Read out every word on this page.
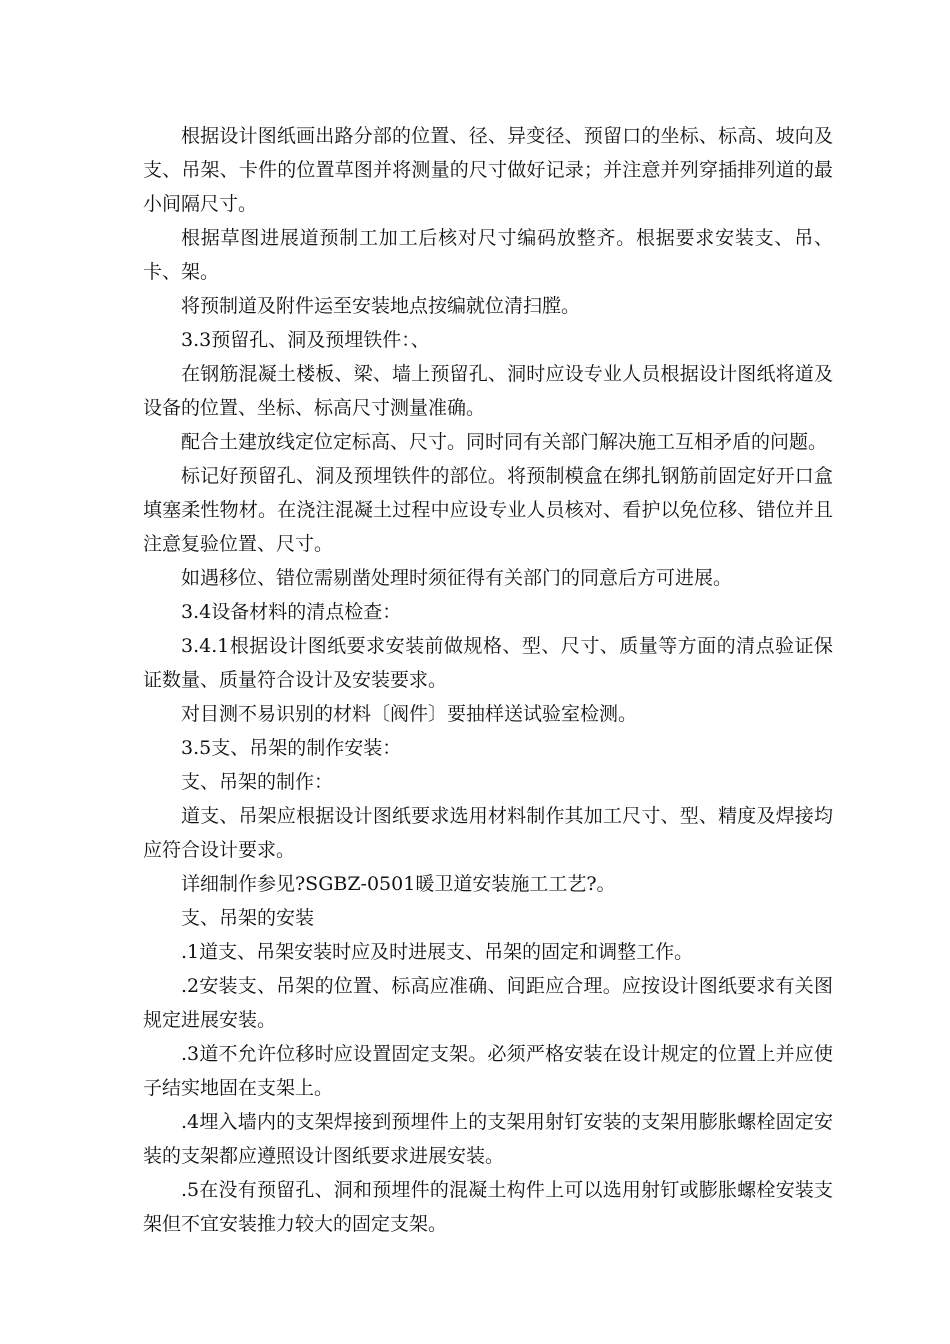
根据设计图纸画出路分部的位置、径、异变径、预留口的坐标、标高、坡向及支、吊架、卡件的位置草图并将测量的尺寸做好记录；并注意并列穿插排列道的最小间隔尺寸。

根据草图进展道预制工加工后核对尺寸编码放整齐。根据要求安装支、吊、卡、架。

将预制道及附件运至安装地点按编就位清扫膛。

3.3预留孔、洞及预埋铁件：、

在钢筋混凝土楼板、梁、墙上预留孔、洞时应设专业人员根据设计图纸将道及设备的位置、坐标、标高尺寸测量准确。

配合土建放线定位定标高、尺寸。同时同有关部门解决施工互相矛盾的问题。

标记好预留孔、洞及预埋铁件的部位。将预制模盒在绑扎钢筋前固定好开口盒填塞柔性物材。在浇注混凝土过程中应设专业人员核对、看护以免位移、错位并且注意复验位置、尺寸。

如遇移位、错位需剔凿处理时须征得有关部门的同意后方可进展。

3.4设备材料的清点检查：

3.4.1根据设计图纸要求安装前做规格、型、尺寸、质量等方面的清点验证保证数量、质量符合设计及安装要求。

对目测不易识别的材料〔阀件〕要抽样送试验室检测。

3.5支、吊架的制作安装：

支、吊架的制作：

道支、吊架应根据设计图纸要求选用材料制作其加工尺寸、型、精度及焊接均应符合设计要求。

详细制作参见?SGBZ-0501暖卫道安装施工工艺?。

支、吊架的安装

.1道支、吊架安装时应及时进展支、吊架的固定和调整工作。

.2安装支、吊架的位置、标高应准确、间距应合理。应按设计图纸要求有关图规定进展安装。

.3道不允许位移时应设置固定支架。必须严格安装在设计规定的位置上并应使子结实地固在支架上。

.4埋入墙内的支架焊接到预埋件上的支架用射钉安装的支架用膨胀螺栓固定安装的支架都应遵照设计图纸要求进展安装。

.5在没有预留孔、洞和预埋件的混凝土构件上可以选用射钉或膨胀螺栓安装支架但不宜安装推力较大的固定支架。
